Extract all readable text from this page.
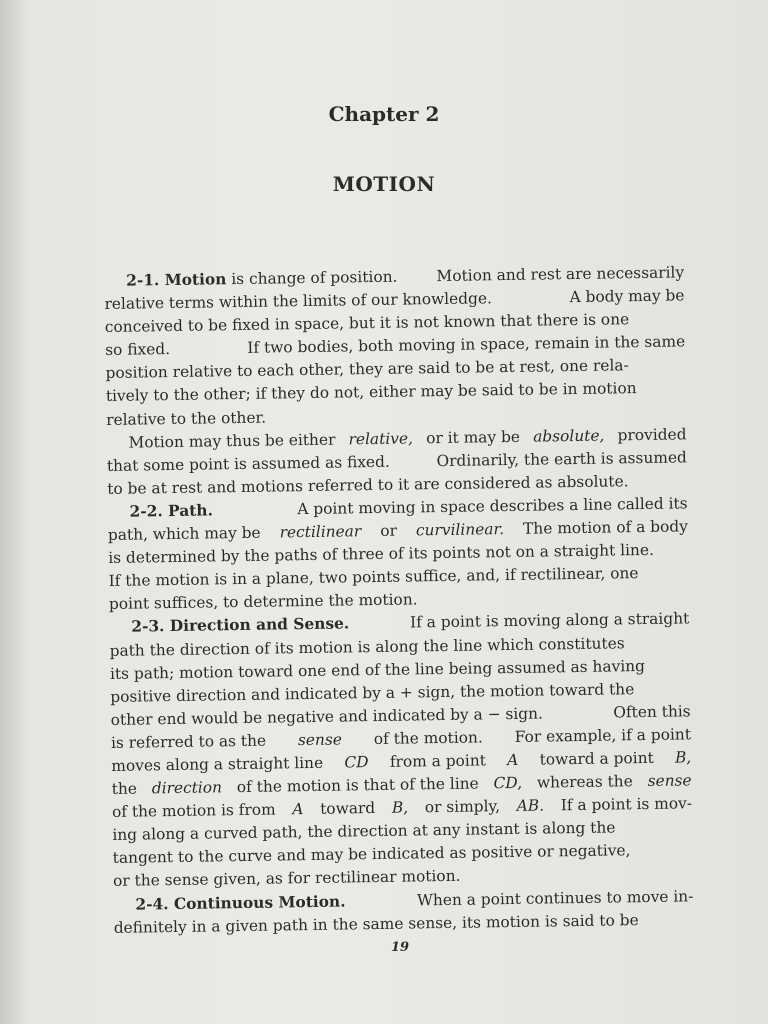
Chapter 2
MOTION
2-1. Motion is change of position.	Motion and rest are necessarily
relative terms within the limits of our knowledge.	A body may be
conceived to be fixed in space, but it is not known that there is one
so fixed.	If two bodies, both moving in space, remain in the same
position relative to each other, they are said to be at rest, one rela-
tively to the other; if they do not, either may be said to be in motion
relative to the other.
Motion may thus be either relative, or it may be absolute, provided
that some point is assumed as fixed.	Ordinarily, the earth is assumed
to be at rest and motions referred to it are considered as absolute.
2-2. Path.	A point moving in space describes a line called its
path, which may be rectilinear or curvilinear. The motion of a body
is determined by the paths of three of its points not on a straight line.
If the motion is in a plane, two points suffice, and, if rectilinear, one
point suffices, to determine the motion.
2-3. Direction and Sense.	If a point is moving along a straight
path the direction of its motion is along the line which constitutes
its path; motion toward one end of the line being assumed as having
positive direction and indicated by a + sign, the motion toward the
other end would be negative and indicated by a − sign.	Often this
is referred to as the sense of the motion. For example, if a point
moves along a straight line CD from a point A toward a point B,
the direction of the motion is that of the line CD, whereas the sense
of the motion is from A toward B, or simply, AB. If a point is mov-
ing along a curved path, the direction at any instant is along the
tangent to the curve and may be indicated as positive or negative,
or the sense given, as for rectilinear motion.
2-4. Continuous Motion.	When a point continues to move in-
definitely in a given path in the same sense, its motion is said to be
19
